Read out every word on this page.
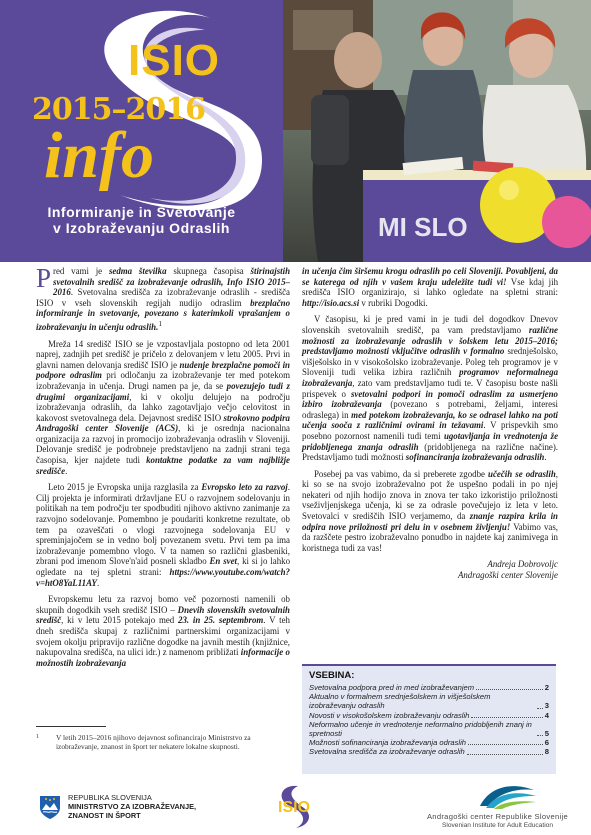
ISIO
2015–2016
info
Informiranje in Svetovanje
v Izobraževanju Odraslih	MI SLO

Pred vami je sedma številka skupnega časopisa štirinajstih svetovalnih središč za izobraževanje odraslih, Info ISIO 2015–2016. Svetovalna središča za izobraževanje odraslih - središča ISIO v vseh slovenskih regijah nudijo odraslim brezplačno informiranje in svetovanje, povezano s katerimkoli vprašanjem o izobraževanju in učenju odraslih.$^1$

Mreža 14 središč ISIO se je vzpostavljala postopno od leta 2001 naprej, zadnjih pet središč je pričelo z delovanjem v letu 2005. Prvi in glavni namen delovanja središč ISIO je nudenje brezplačne pomoči in podpore odraslim pri odločanju za izobraževanje ter med potekom izobraževanja in učenja. Drugi namen pa je, da se povezujejo tudi z drugimi organizacijami, ki v okolju delujejo na področju izobraževanja odraslih, da lahko zagotavljajo večjo celovitost in kakovost svetovalnega dela. Dejavnost središč ISIO strokovno podpira Andragoški center Slovenije (ACS), ki je osrednja nacionalna organizacija za razvoj in promocijo izobraževanja odraslih v Sloveniji. Delovanje središč je podrobneje predstavljeno na zadnji strani tega časopisa, kjer najdete tudi kontaktne podatke za vam najbližje središče.

Leto 2015 je Evropska unija razglasila za Evropsko leto za razvoj. Cilj projekta je informirati državljane EU o razvojnem sodelovanju in politikah na tem področju ter spodbuditi njihovo aktivno zanimanje za razvojno sodelovanje. Pomembno je poudariti konkretne rezultate, ob tem pa ozaveščati o vlogi razvojnega sodelovanja EU v spreminjajočem se in vedno bolj povezanem svetu. Prvi tem pa ima izobraževanje pomembno vlogo. V ta namen so različni glasbeniki, zbrani pod imenom Slove'n'aid posneli skladbo En svet, ki si jo lahko ogledate na tej spletni strani: https://www.youtube.com/watch?v=htO8YaL11AY.

Evropskemu letu za razvoj bomo več pozornosti namenili ob skupnih dogodkih vseh središč ISIO – Dnevih slovenskih svetovalnih središč, ki v letu 2015 potekajo med 23. in 25. septembrom. V teh dneh središča skupaj z različnimi partnerskimi organizacijami v svojem okolju pripravijo različne dogodke na javnih mestih (knjižnice, nakupovalna središča, na ulici idr.) z namenom približati informacije o možnostih izobraževanja

in učenja čim širšemu krogu odraslih po celi Sloveniji. Povabljeni, da se katerega od njih v vašem kraju udeležite tudi vi! Vse kdaj jih središča ISIO organizirajo, si lahko ogledate na spletni strani: http://isio.acs.si v rubriki Dogodki.

V časopisu, ki je pred vami in je tudi del dogodkov Dnevov slovenskih svetovalnih središč, pa vam predstavljamo različne možnosti za izobraževanje odraslih v šolskem letu 2015–2016; predstavljamo možnosti vključitve odraslih v formalno srednješolsko, višješolsko in v visokošolsko izobraževanje. Poleg teh programov je v Sloveniji tudi velika izbira različnih programov neformalnega izobraževanja, zato vam predstavljamo tudi te. V časopisu boste našli prispevek o svetovalni podpori in pomoči odraslim za usmerjeno izbiro izobraževanja (povezano s potrebami, željami, interesi odraslega) in med potekom izobraževanja, ko se odrasel lahko na poti učenja sooča z različnimi ovirami in težavami. V prispevkih smo posebno pozornost namenili tudi temi ugotavljanja in vrednotenja že pridobljenega znanja odraslih (pridobljenega na različne načine). Predstavljamo tudi možnosti sofinanciranja izobraževanja odraslih.

Posebej pa vas vabimo, da si preberete zgodbe učečih se odraslih, ki so se na svojo izobraževalno pot že uspešno podali in po njej nekateri od njih hodijo znova in znova ter tako izkoristijo priložnosti vseživljenjskega učenja, ki se za odrasle povečujejo iz leta v leto. Svetovalci v središčih ISIO verjamemo, da znanje razpira krila in odpira nove priložnosti pri delu in v osebnem življenju! Vabimo vas, da razščete pestro izobraževalno ponudbo in najdete kaj zanimivega in koristnega tudi za vas!

Andreja Dobrovoljc
Andragoški center Slovenije
1 V letih 2015–2016 njihovo dejavnost sofinancirajo Ministrstvo za izobraževanje, znanost in šport ter nekatere lokalne skupnosti.
VSEBINA:
Svetovalna podpora pred in med izobraževanjem	2
Aktualno v formalnem srednješolskem in višješolskem izobraževanju odraslih	3
Novosti v visokošolskem izobraževanju odraslih	4
Neformalno učenje in vrednotenje neformalno pridobljenih znanj in spretnosti	5
Možnosti sofinanciranja izobraževanja odraslih	6
Svetovalna središča za izobraževanje odraslih	8
REPUBLIKA SLOVENIJA
MINISTRSTVO ZA IZOBRAŽEVANJE,
ZNANOST IN ŠPORT	ISIO
Andragoški center Republike Slovenije
Slovenian Institute for Adult Education
